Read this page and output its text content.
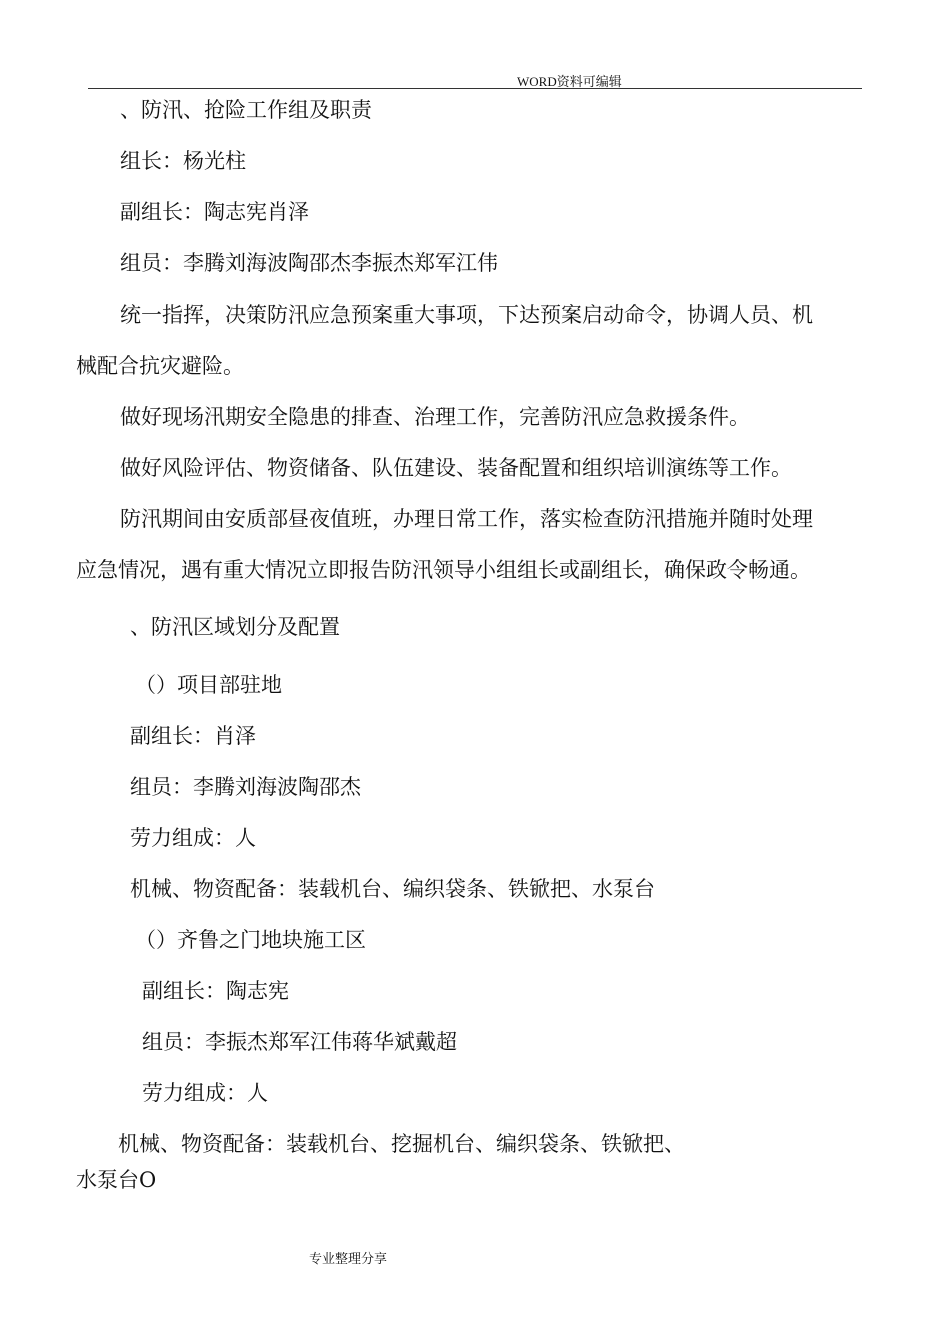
WORD资料可编辑
、防汛、抢险工作组及职责
组长：杨光柱
副组长：陶志宪肖泽
组员：李腾刘海波陶邵杰李振杰郑军江伟
统一指挥，决策防汛应急预案重大事项，下达预案启动命令，协调人员、机
械配合抗灾避险。
做好现场汛期安全隐患的排查、治理工作，完善防汛应急救援条件。
做好风险评估、物资储备、队伍建设、装备配置和组织培训演练等工作。
防汛期间由安质部昼夜值班，办理日常工作，落实检查防汛措施并随时处理
应急情况，遇有重大情况立即报告防汛领导小组组长或副组长，确保政令畅通。
、防汛区域划分及配置
（）项目部驻地
副组长：肖泽
组员：李腾刘海波陶邵杰
劳力组成：人
机械、物资配备：装载机台、编织袋条、铁锨把、水泵台
（）齐鲁之门地块施工区
副组长：陶志宪
组员：李振杰郑军江伟蒋华斌戴超
劳力组成：人
机械、物资配备：装载机台、挖掘机台、编织袋条、铁锨把、
水泵台O
专业整理分享
